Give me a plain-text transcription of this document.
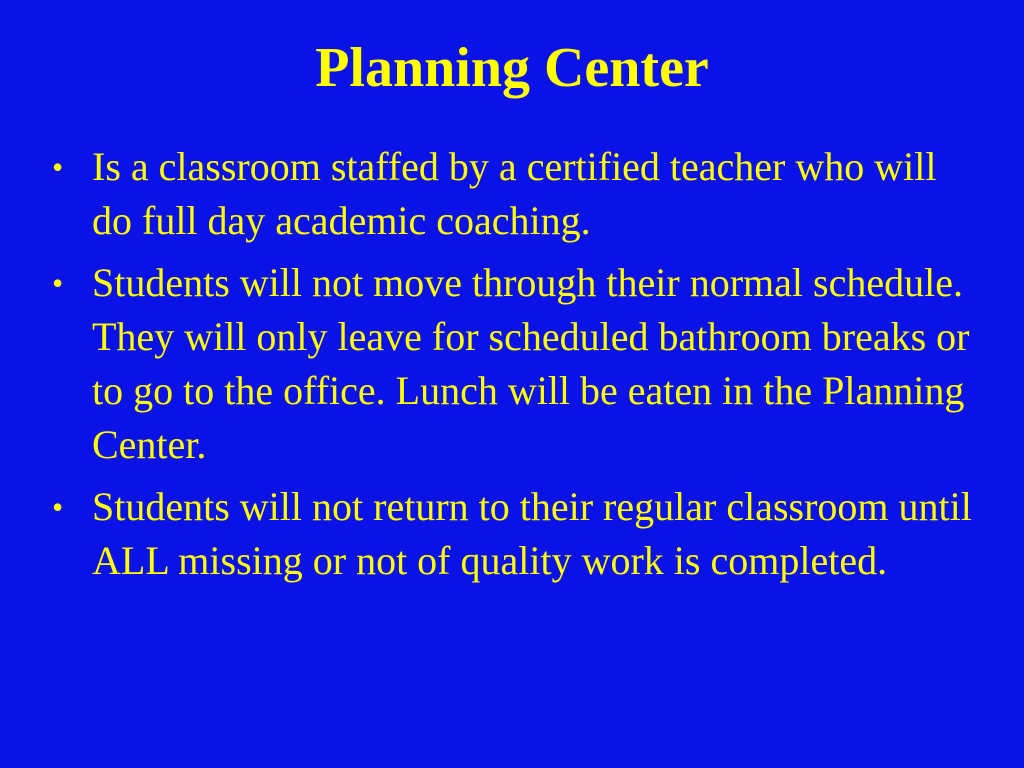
Planning Center
• Is a classroom staffed by a certified teacher who will do full day academic coaching.
• Students will not move through their normal schedule. They will only leave for scheduled bathroom breaks or to go to the office. Lunch will be eaten in the Planning Center.
• Students will not return to their regular classroom until ALL missing or not of quality work is completed.
